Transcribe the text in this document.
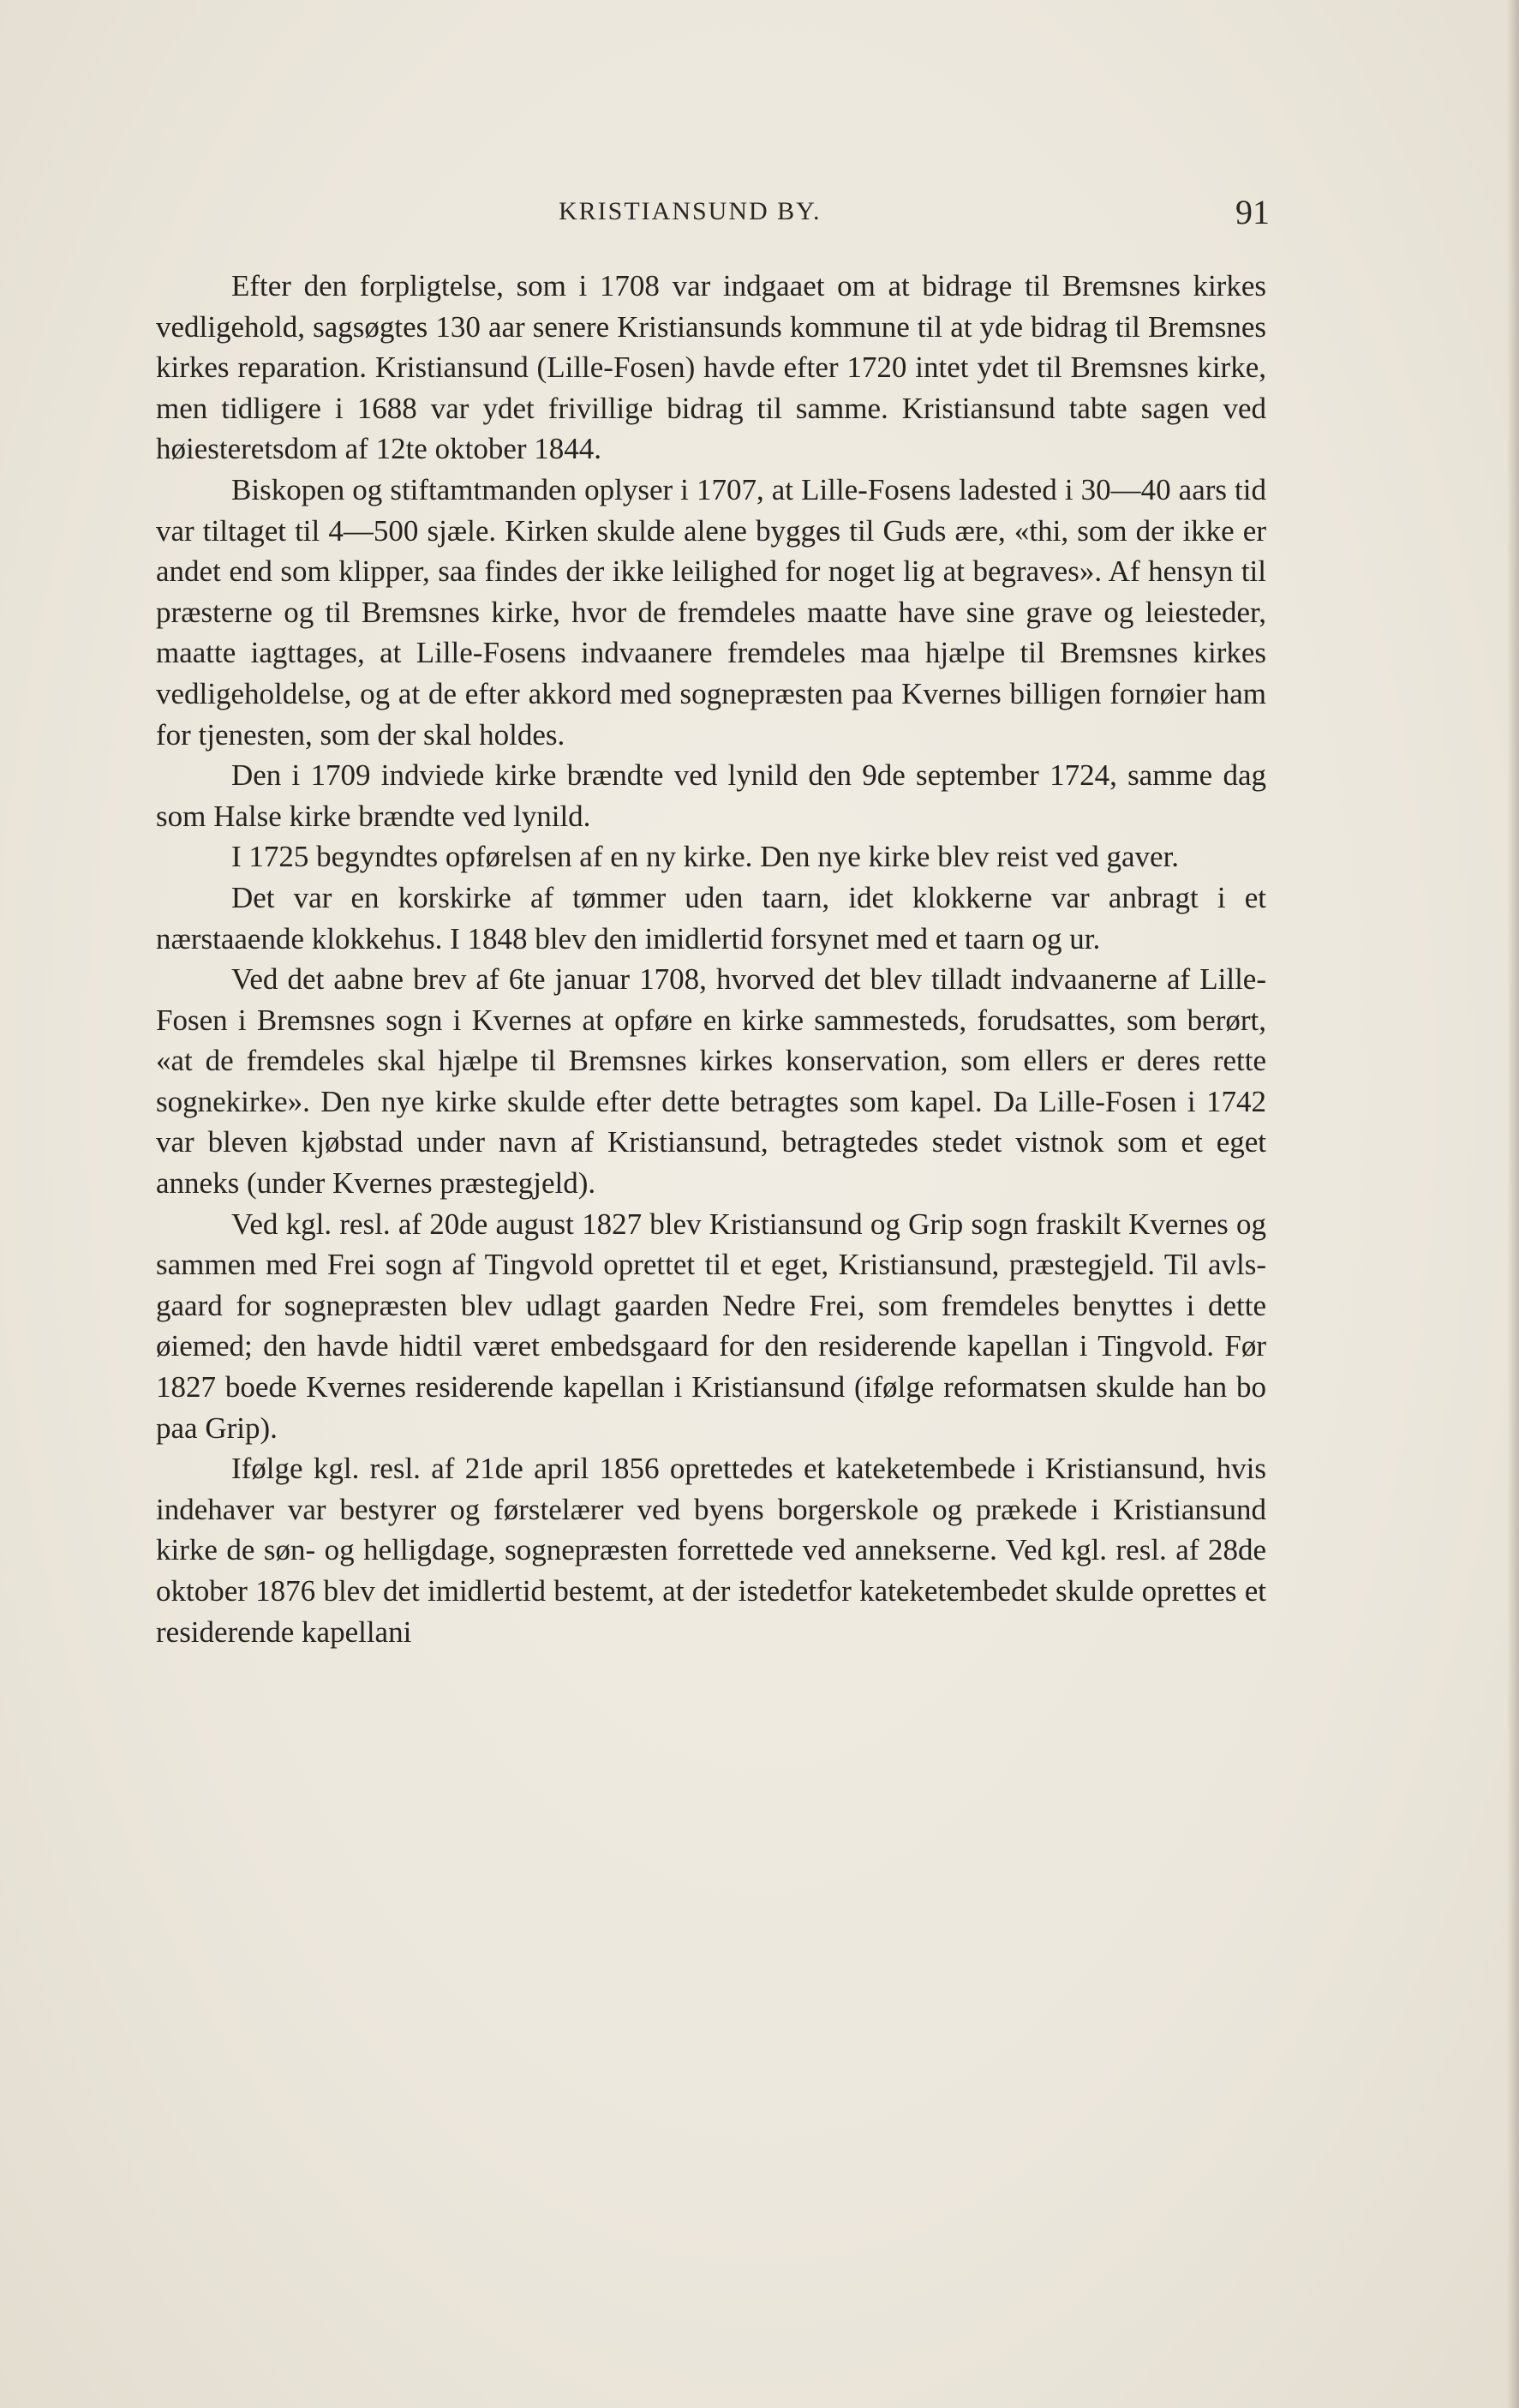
KRISTIANSUND BY.	91

Efter den forpligtelse, som i 1708 var indgaaet om at bidrage til Bremsnes kirkes vedligehold, sagsøgtes 130 aar senere Kristiansunds kommune til at yde bidrag til Bremsnes kirkes reparation. Kristiansund (Lille-Fosen) havde efter 1720 intet ydet til Bremsnes kirke, men tidligere i 1688 var ydet frivillige bidrag til samme. Kristiansund tabte sagen ved høiesteretsdom af 12te oktober 1844.

Biskopen og stiftamtmanden oplyser i 1707, at Lille-Fosens ladested i 30—40 aars tid var tiltaget til 4—500 sjæle. Kirken skulde alene bygges til Guds ære, «thi, som der ikke er andet end som klipper, saa findes der ikke leilighed for noget lig at begraves». Af hensyn til præsterne og til Bremsnes kirke, hvor de fremdeles maatte have sine grave og leiesteder, maatte iagttages, at Lille-Fosens indvaanere fremdeles maa hjælpe til Bremsnes kirkes vedligeholdelse, og at de efter akkord med sognepræsten paa Kvernes billigen fornøier ham for tjenesten, som der skal holdes.

Den i 1709 indviede kirke brændte ved lynild den 9de september 1724, samme dag som Halse kirke brændte ved lynild.

I 1725 begyndtes opførelsen af en ny kirke. Den nye kirke blev reist ved gaver.

Det var en korskirke af tømmer uden taarn, idet klokkerne var anbragt i et nærstaaende klokkehus. I 1848 blev den imidlertid forsynet med et taarn og ur.

Ved det aabne brev af 6te januar 1708, hvorved det blev tilladt indvaanerne af Lille-Fosen i Bremsnes sogn i Kvernes at opføre en kirke sammesteds, forudsattes, som berørt, «at de fremdeles skal hjælpe til Bremsnes kirkes konservation, som ellers er deres rette sognekirke». Den nye kirke skulde efter dette betragtes som kapel. Da Lille-Fosen i 1742 var bleven kjøbstad under navn af Kristiansund, betragtedes stedet vistnok som et eget anneks (under Kvernes præstegjeld).

Ved kgl. resl. af 20de august 1827 blev Kristiansund og Grip sogn fraskilt Kvernes og sammen med Frei sogn af Tingvold oprettet til et eget, Kristiansund, præstegjeld. Til avlsgaard for sognepræsten blev udlagt gaarden Nedre Frei, som fremdeles benyttes i dette øiemed; den havde hidtil været embedsgaard for den residerende kapellan i Tingvold. Før 1827 boede Kvernes residerende kapellan i Kristiansund (ifølge reformatsen skulde han bo paa Grip).

Ifølge kgl. resl. af 21de april 1856 oprettedes et kateketembede i Kristiansund, hvis indehaver var bestyrer og førstelærer ved byens borgerskole og prækede i Kristiansund kirke de søn- og helligdage, sognepræsten forrettede ved annekserne. Ved kgl. resl. af 28de oktober 1876 blev det imidlertid bestemt, at der istedetfor kateketembedet skulde oprettes et residerende kapellani
